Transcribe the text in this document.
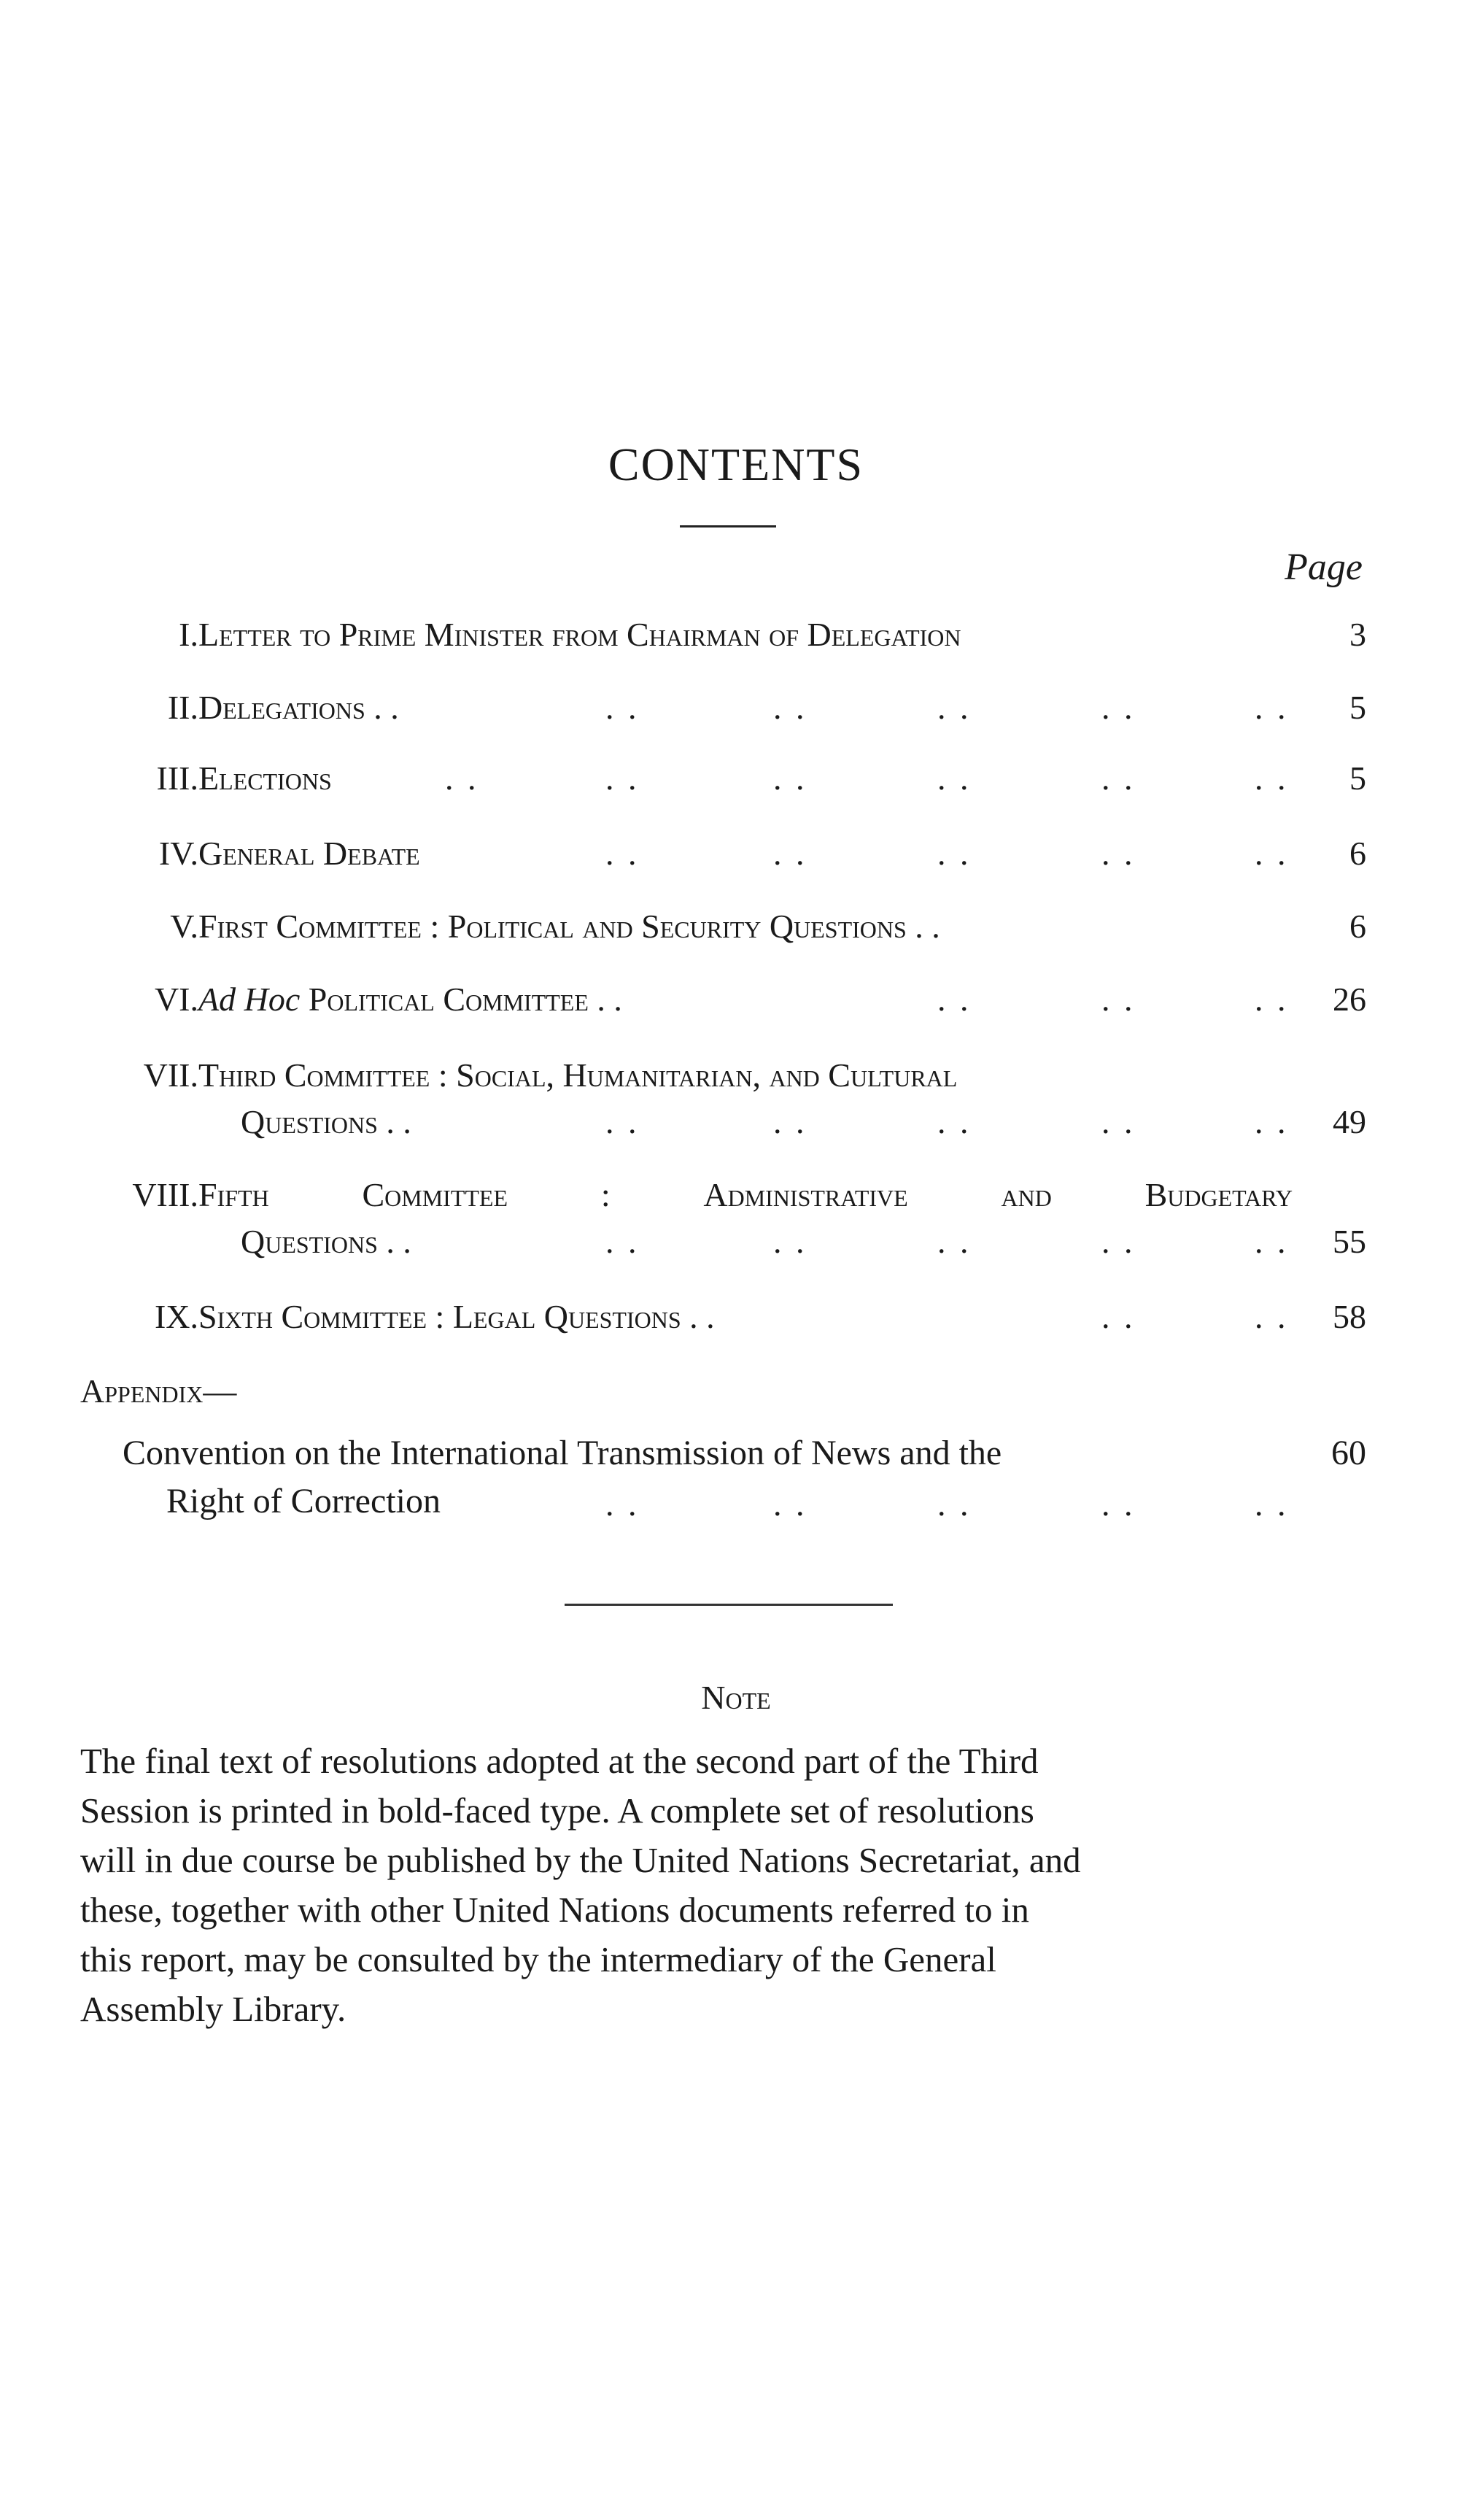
CONTENTS
Page
I. Letter to Prime Minister from Chairman of Delegation	3
II. Delegations . .	. .	. .	. .	. .	. .	5
III. Elections	. .	. .	. .	. .	. .	. .	5
IV. General Debate	. .	. .	. .	. .	. .	6
V. First Committee : Political and Security Questions . .	6
VI. Ad Hoc Political Committee . .	. .	. .	. .	26
VII. Third Committee : Social, Humanitarian, and Cultural
Questions . .	. .	. .	. .	. .	. .	49
VIII. Fifth	Committee	:	Administrative	and	Budgetary
Questions . .	. .	. .	. .	. .	. .	55
IX. Sixth Committee : Legal Questions . .	. .	. .	58
Appendix—
Convention on the International Transmission of News and the	60
Right of Correction	. .	. .	. .	. .	. .
Note
The final text of resolutions adopted at the second part of the Third
Session is printed in bold-faced type. A complete set of resolutions
will in due course be published by the United Nations Secretariat, and
these, together with other United Nations documents referred to in
this report, may be consulted by the intermediary of the General
Assembly Library.
